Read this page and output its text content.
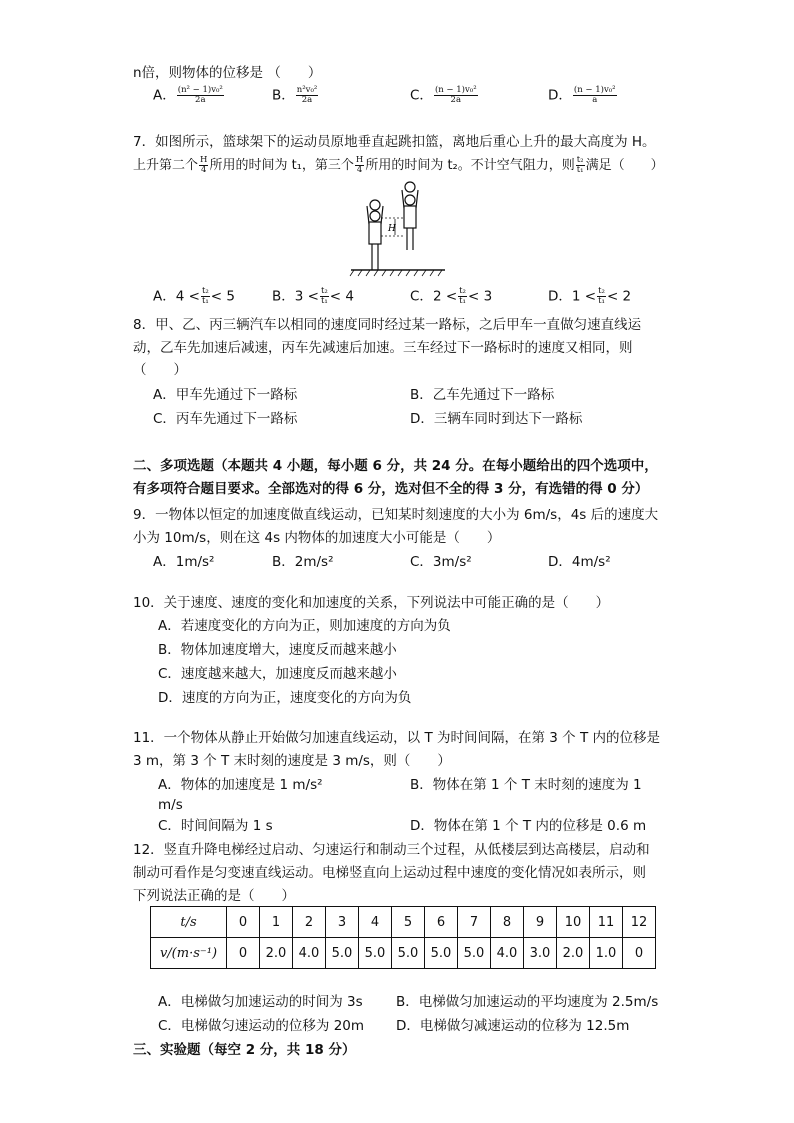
n倍，则物体的位移是 （　　）
A． $\frac{\text{(n² − 1)v₀²}}{2a}$	B． $\frac{\text{n²v₀²}}{2a}$	C． $\frac{\text{(n − 1)v₀²}}{2a}$	D． $\frac{\text{(n − 1)v₀²}}{a}$
7．如图所示，篮球架下的运动员原地垂直起跳扣篮，离地后重心上升的最大高度为 H。
上升第二个 $\frac{H}{4}$ 所用的时间为 t₁，第三个 $\frac{H}{4}$ 所用的时间为 t₂。不计空气阻力，则 $\frac{\text{t₂}}{\text{t₁}}$ 满足（　　）
H
A．$4 < \frac{\text{t₂}}{\text{t₁}} < 5$	B．$3 < \frac{\text{t₂}}{\text{t₁}} < 4$	C．$2 < \frac{\text{t₂}}{\text{t₁}} < 3$	D．$1 < \frac{\text{t₂}}{\text{t₁}} < 2$
8．甲、乙、丙三辆汽车以相同的速度同时经过某一路标，之后甲车一直做匀速直线运
动，乙车先加速后减速，丙车先减速后加速。三车经过下一路标时的速度又相同，则
（　　）
A．甲车先通过下一路标	B．乙车先通过下一路标
C．丙车先通过下一路标	D．三辆车同时到达下一路标
二、多项选题（本题共 4 小题，每小题 6 分，共 24 分。在每小题给出的四个选项中，
有多项符合题目要求。全部选对的得 6 分，选对但不全的得 3 分，有选错的得 0 分）
9．一物体以恒定的加速度做直线运动，已知某时刻速度的大小为 6m/s，4s 后的速度大
小为 10m/s，则在这 4s 内物体的加速度大小可能是（　　）
A．1m/s²	B．2m/s²	C．3m/s²	D．4m/s²
10．关于速度、速度的变化和加速度的关系，下列说法中可能正确的是（　　）
A．若速度变化的方向为正，则加速度的方向为负
B．物体加速度增大，速度反而越来越小
C．速度越来越大，加速度反而越来越小
D．速度的方向为正，速度变化的方向为负
11．一个物体从静止开始做匀加速直线运动，以 T 为时间间隔，在第 3 个 T 内的位移是
3 m，第 3 个 T 末时刻的速度是 3 m/s，则（　　）
A．物体的加速度是 1 m/s²	B．物体在第 1 个 T 末时刻的速度为 1
m/s
C．时间间隔为 1 s	D．物体在第 1 个 T 内的位移是 0.6 m
12．竖直升降电梯经过启动、匀速运行和制动三个过程，从低楼层到达高楼层，启动和
制动可看作是匀变速直线运动。电梯竖直向上运动过程中速度的变化情况如表所示，则
下列说法正确的是（　　）
t/s	0	1	2	3	4	5	6	7	8	9	10	11	12
v/(m·s⁻¹)	0	2.0	4.0	5.0	5.0	5.0	5.0	5.0	4.0	3.0	2.0	1.0	0
A．电梯做匀加速运动的时间为 3s B．电梯做匀加速运动的平均速度为 2.5m/s
C．电梯做匀速运动的位移为 20m D．电梯做匀减速运动的位移为 12.5m
三、实验题（每空 2 分，共 18 分）
